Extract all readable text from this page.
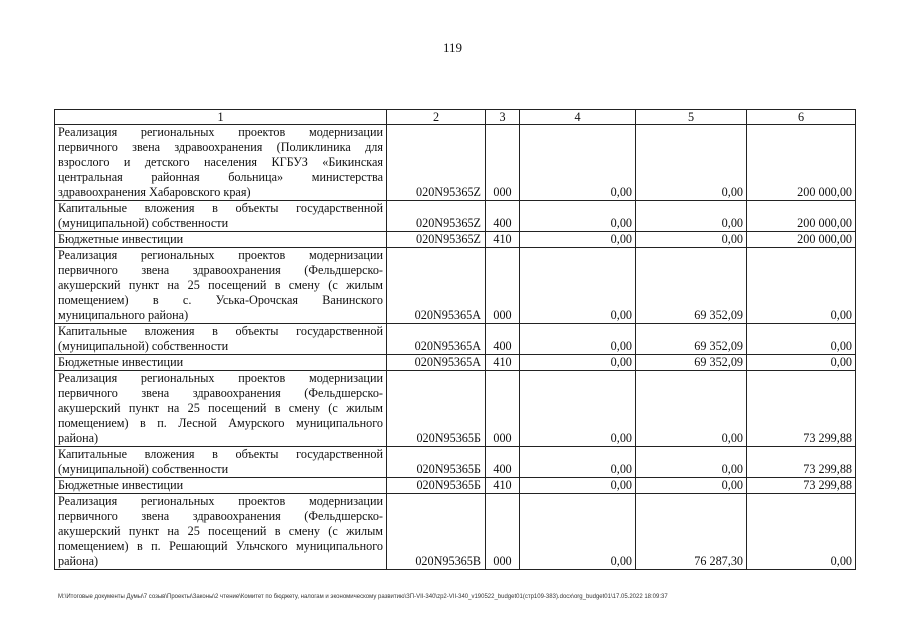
119
1	2	3	4	5	6
Реализация региональных проектов модернизации первичного звена здравоохранения (Поликлиника для взрослого и детского населения КГБУЗ «Бикинская центральная районная больница» министерства здравоохранения Хабаровского края)	020N95365Z	000	0,00	0,00	200 000,00
Капитальные вложения в объекты государственной (муниципальной) собственности	020N95365Z	400	0,00	0,00	200 000,00
Бюджетные инвестиции	020N95365Z	410	0,00	0,00	200 000,00
Реализация региональных проектов модернизации первичного звена здравоохранения (Фельдшерско-акушерский пункт на 25 посещений в смену (с жилым помещением) в с. Уська-Орочская Ванинского муниципального района)	020N95365A	000	0,00	69 352,09	0,00
Капитальные вложения в объекты государственной (муниципальной) собственности	020N95365A	400	0,00	69 352,09	0,00
Бюджетные инвестиции	020N95365A	410	0,00	69 352,09	0,00
Реализация региональных проектов модернизации первичного звена здравоохранения (Фельдшерско-акушерский пункт на 25 посещений в смену (с жилым помещением) в п. Лесной Амурского муниципального района)	020N95365Б	000	0,00	0,00	73 299,88
Капитальные вложения в объекты государственной (муниципальной) собственности	020N95365Б	400	0,00	0,00	73 299,88
Бюджетные инвестиции	020N95365Б	410	0,00	0,00	73 299,88
Реализация региональных проектов модернизации первичного звена здравоохранения (Фельдшерско-акушерский пункт на 25 посещений в смену (с жилым помещением) в п. Решающий Ульчского муниципального района)	020N95365В	000	0,00	76 287,30	0,00
M:\Итоговые документы Думы\7 созыв\Проекты\Законы\2 чтение\Комитет по бюджету, налогам и экономическому развитию\ЗП-VII-340\zp2-VII-340_v190522_budget01(стр109-383).docx\org_budget01\17.05.2022 18:09:37
